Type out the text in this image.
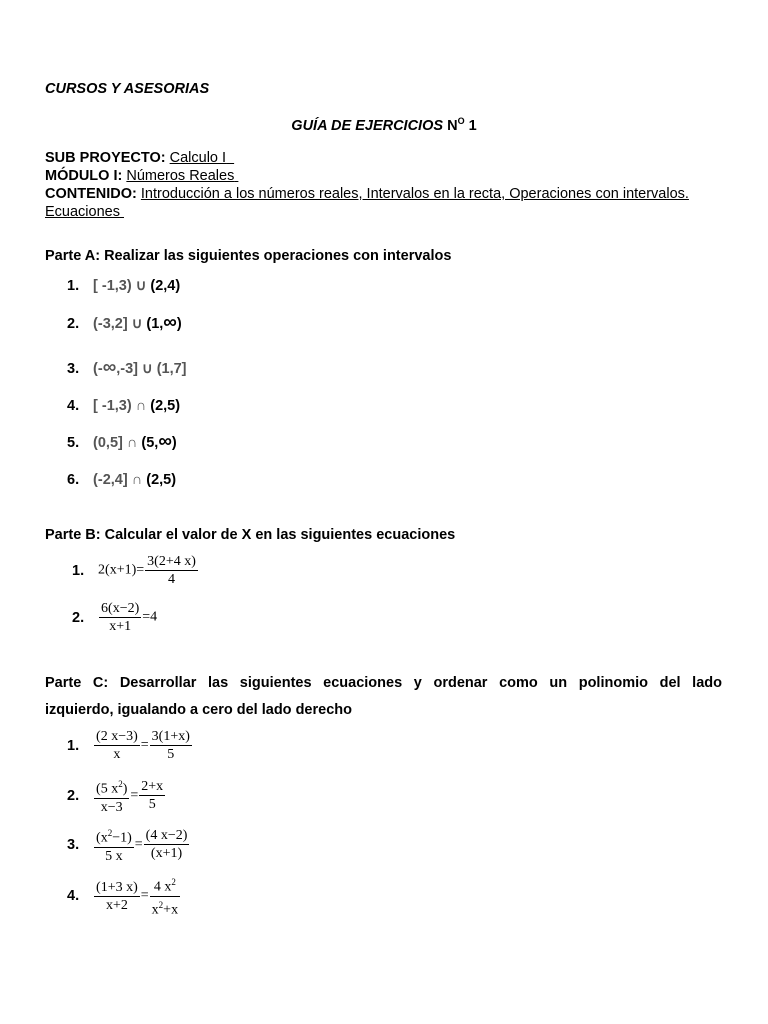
CURSOS Y ASESORIAS
GUÍA DE EJERCICIOS $N^O$ 1
SUB PROYECTO: Calculo I
MÓDULO I: Números Reales
CONTENIDO: Introducción a los números reales, Intervalos en la recta, Operaciones con intervalos.
Ecuaciones
Parte A: Realizar las siguientes operaciones con intervalos
1. [ -1,3) ∪ (2,4)
2. (-3,2] ∪ (1,∞)
3. (-∞,-3] ∪ (1,7]
4. [ -1,3) ∩ (2,5)
5. (0,5] ∩ (5,∞)
6. (-2,4] ∩ (2,5)
Parte B: Calcular el valor de X en las siguientes ecuaciones
1. $2(x+1)= \frac{3(2+4 x)}{4}$
2. $\frac{6(x-2)}{x+1} =4$
Parte C: Desarrollar las siguientes ecuaciones y ordenar como un polinomio del lado
izquierdo, igualando a cero del lado derecho
1. $\frac{(2 x-3)}{x} = \frac{3(1+x)}{5}$
2. $\frac{(5 x^2)}{x-3} = \frac{2+x}{5}$
3. $\frac{(x^2-1)}{5 x} = \frac{(4 x-2)}{(x+1)}$
4. $\frac{(1+3 x)}{x+2} = \frac{4 x^2}{x^2+x}$
